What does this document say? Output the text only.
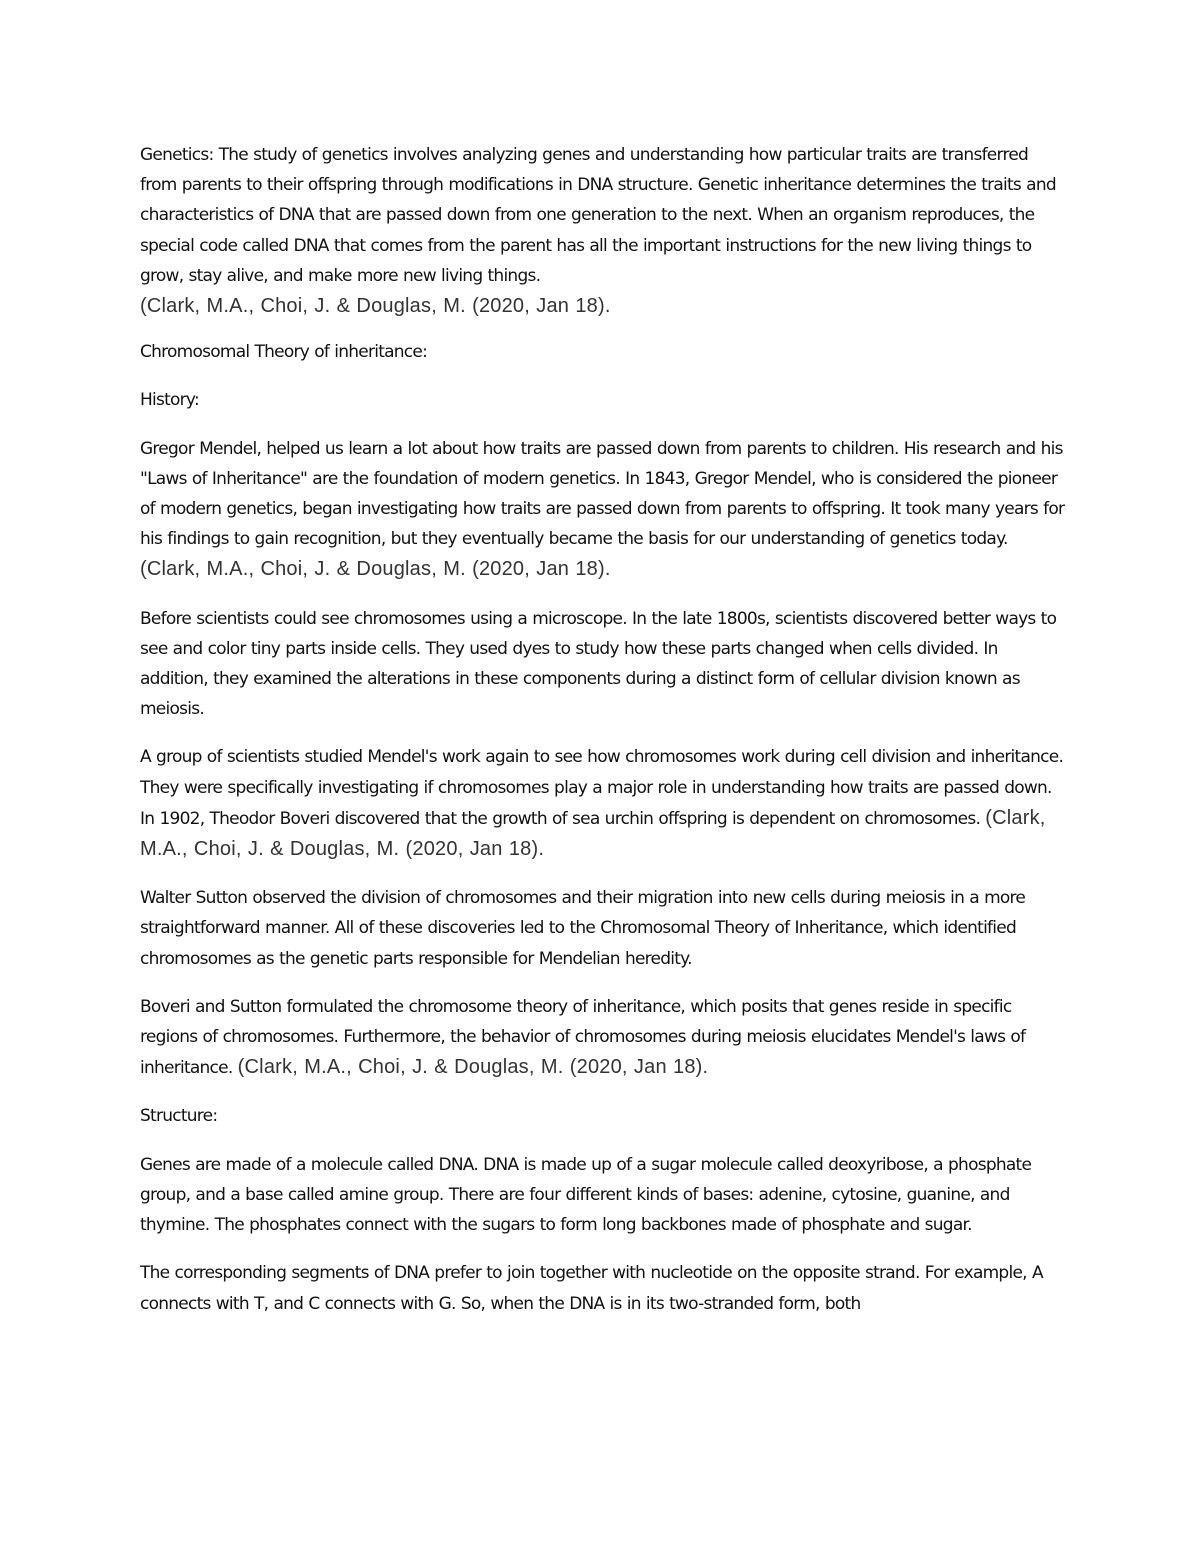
Genetics: The study of genetics involves analyzing genes and understanding how particular traits are transferred from parents to their offspring through modifications in DNA structure. Genetic inheritance determines the traits and characteristics of DNA that are passed down from one generation to the next. When an organism reproduces, the special code called DNA that comes from the parent has all the important instructions for the new living things to grow, stay alive, and make more new living things.
(Clark, M.A., Choi, J. & Douglas, M. (2020, Jan 18).

Chromosomal Theory of inheritance:

History:

Gregor Mendel, helped us learn a lot about how traits are passed down from parents to children. His research and his "Laws of Inheritance" are the foundation of modern genetics. In 1843, Gregor Mendel, who is considered the pioneer of modern genetics, began investigating how traits are passed down from parents to offspring. It took many years for his findings to gain recognition, but they eventually became the basis for our understanding of genetics today. (Clark, M.A., Choi, J. & Douglas, M. (2020, Jan 18).

Before scientists could see chromosomes using a microscope. In the late 1800s, scientists discovered better ways to see and color tiny parts inside cells. They used dyes to study how these parts changed when cells divided. In addition, they examined the alterations in these components during a distinct form of cellular division known as meiosis.

A group of scientists studied Mendel's work again to see how chromosomes work during cell division and inheritance. They were specifically investigating if chromosomes play a major role in understanding how traits are passed down. In 1902, Theodor Boveri discovered that the growth of sea urchin offspring is dependent on chromosomes. (Clark, M.A., Choi, J. & Douglas, M. (2020, Jan 18).

Walter Sutton observed the division of chromosomes and their migration into new cells during meiosis in a more straightforward manner. All of these discoveries led to the Chromosomal Theory of Inheritance, which identified chromosomes as the genetic parts responsible for Mendelian heredity.

Boveri and Sutton formulated the chromosome theory of inheritance, which posits that genes reside in specific regions of chromosomes. Furthermore, the behavior of chromosomes during meiosis elucidates Mendel's laws of inheritance. (Clark, M.A., Choi, J. & Douglas, M. (2020, Jan 18).

Structure:

Genes are made of a molecule called DNA. DNA is made up of a sugar molecule called deoxyribose, a phosphate group, and a base called amine group. There are four different kinds of bases: adenine, cytosine, guanine, and thymine. The phosphates connect with the sugars to form long backbones made of phosphate and sugar.

The corresponding segments of DNA prefer to join together with nucleotide on the opposite strand. For example, A connects with T, and C connects with G. So, when the DNA is in its two-stranded form, both
